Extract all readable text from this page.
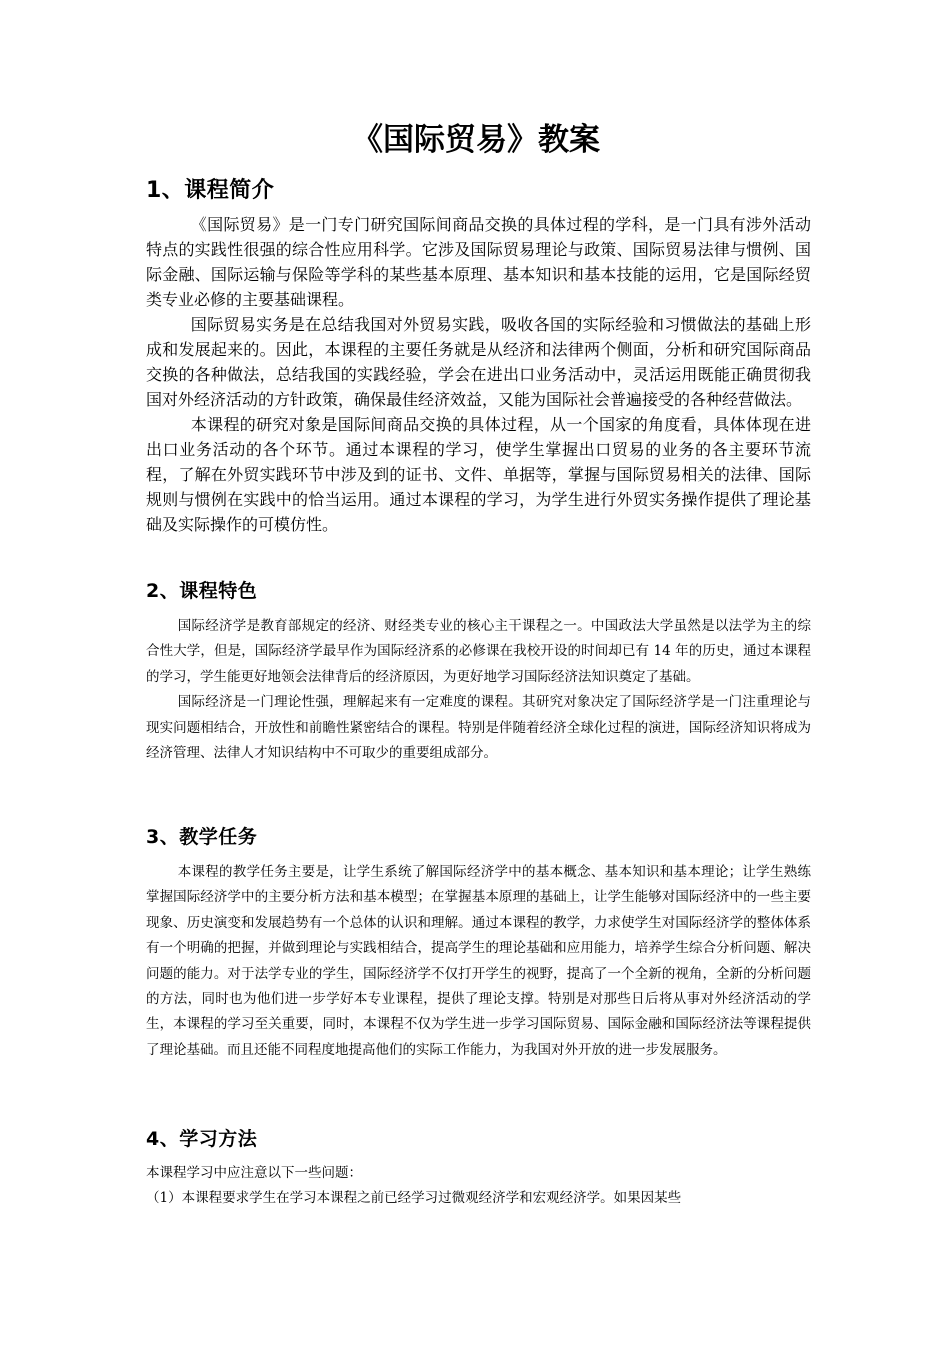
《国际贸易》教案
1、课程简介

《国际贸易》是一门专门研究国际间商品交换的具体过程的学科，是一门具有涉外活动特点的实践性很强的综合性应用科学。它涉及国际贸易理论与政策、国际贸易法律与惯例、国际金融、国际运输与保险等学科的某些基本原理、基本知识和基本技能的运用，它是国际经贸类专业必修的主要基础课程。

国际贸易实务是在总结我国对外贸易实践，吸收各国的实际经验和习惯做法的基础上形成和发展起来的。因此，本课程的主要任务就是从经济和法律两个侧面，分析和研究国际商品交换的各种做法，总结我国的实践经验，学会在进出口业务活动中，灵活运用既能正确贯彻我国对外经济活动的方针政策，确保最佳经济效益，又能为国际社会普遍接受的各种经营做法。

本课程的研究对象是国际间商品交换的具体过程，从一个国家的角度看，具体体现在进出口业务活动的各个环节。通过本课程的学习，使学生掌握出口贸易的业务的各主要环节流程，了解在外贸实践环节中涉及到的证书、文件、单据等，掌握与国际贸易相关的法律、国际规则与惯例在实践中的恰当运用。通过本课程的学习，为学生进行外贸实务操作提供了理论基础及实际操作的可模仿性。

2、课程特色

国际经济学是教育部规定的经济、财经类专业的核心主干课程之一。中国政法大学虽然是以法学为主的综合性大学，但是，国际经济学最早作为国际经济系的必修课在我校开设的时间却已有 14 年的历史，通过本课程的学习，学生能更好地领会法律背后的经济原因，为更好地学习国际经济法知识奠定了基础。

国际经济是一门理论性强，理解起来有一定难度的课程。其研究对象决定了国际经济学是一门注重理论与现实问题相结合，开放性和前瞻性紧密结合的课程。特别是伴随着经济全球化过程的演进，国际经济知识将成为经济管理、法律人才知识结构中不可取少的重要组成部分。

3、教学任务

本课程的教学任务主要是，让学生系统了解国际经济学中的基本概念、基本知识和基本理论；让学生熟练掌握国际经济学中的主要分析方法和基本模型；在掌握基本原理的基础上，让学生能够对国际经济中的一些主要现象、历史演变和发展趋势有一个总体的认识和理解。通过本课程的教学，力求使学生对国际经济学的整体体系有一个明确的把握，并做到理论与实践相结合，提高学生的理论基础和应用能力，培养学生综合分析问题、解决问题的能力。对于法学专业的学生，国际经济学不仅打开学生的视野，提高了一个全新的视角，全新的分析问题的方法，同时也为他们进一步学好本专业课程，提供了理论支撑。特别是对那些日后将从事对外经济活动的学生，本课程的学习至关重要，同时，本课程不仅为学生进一步学习国际贸易、国际金融和国际经济法等课程提供了理论基础。而且还能不同程度地提高他们的实际工作能力，为我国对外开放的进一步发展服务。

4、学习方法

本课程学习中应注意以下一些问题：

（1）本课程要求学生在学习本课程之前已经学习过微观经济学和宏观经济学。如果因某些
